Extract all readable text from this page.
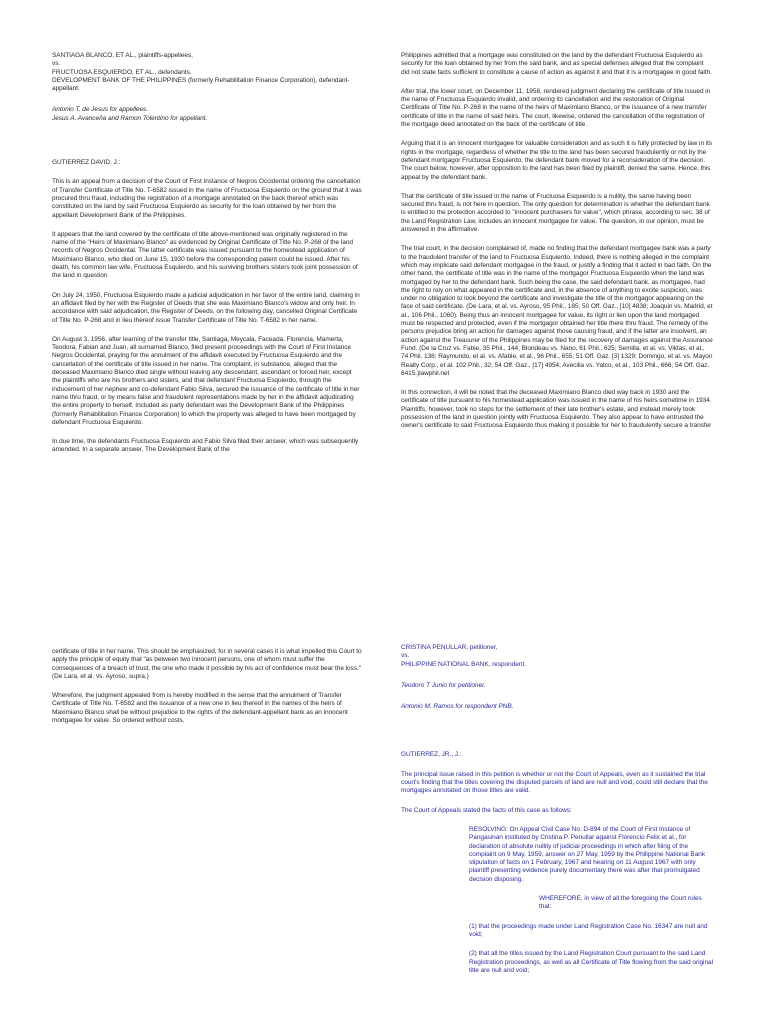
SANTIAGA BLANCO, ET AL., plaintiffs-appellees,

vs.

FRUCTUOSA ESQUIERDO, ET AL., defendants.

DEVELOPMENT BANK OF THE PHILIPPINES (formerly Rehabilitation Finance Corporation), defendant-appellant.

Antonio T. de Jesus for appellees.

Jesus A. Avanceña and Ramon Tolentino for appellant.

GUTIERREZ DAVID, J.:

This is an appeal from a decision of the Court of First Instance of Negros Occidental ordering the cancellation of Transfer Certificate of Title No. T-6582 issued in the name of Fructuosa Esquierdo on the ground that it was procured thru fraud, including the registration of a mortgage annotated on the back thereof which was constituted on the land by said Fructuosa Esquierdo as security for the loan obtained by her from the appellant Development Bank of the Philippines.

It appears that the land covered by the certificate of title above-mentioned was originally registered in the name of the "Heirs of Maximiano Blanco" as evidenced by Original Certificate of Title No. P-268 of the land records of Negros Occidental. The latter certificate was issued pursuant to the homestead application of Maximiano Blanco, who died on June 15, 1930 before the corresponding patent could be issued. After his death, his common law wife, Fructuosa Esquierdo, and his surviving brothers sisters took joint possession of the land in question.

On July 24, 1950, Fructuosa Esquierdo made a judicial adjudication in her favor of the entire land, claiming in an affidavit filed by her with the Register of Deeds that she was Maximiano Blanco's widow and only heir. In accordance with said adjudication, the Register of Deeds, on the following day, cancelled Original Certificate of Title No. P-268 and in lieu thereof issue Transfer Certificate of Title No. T-6582 in her name.

On August 3, 1956, after learning of the transfer title, Santiaga, Meycala, Faceada, Florencia, Mamerta, Teodora, Fabian and Juan, all surnamed Blanco, filed present proceedings with the Court of First Instance Negros Occidental, praying for the annulment of the affidavit executed by Fructuosa Esquierdo and the cancellation of the certificate of title issued in her name. The complaint, in substance, alleged that the deceased Maximiano Blanco died single without leaving any descendant, ascendant or forced heir, except the plaintiffs who are his brothers and sisters, and that defendant Fructuosa Esquierdo, through the inducement of her nephew and co-defendant Fabio Silva, secured the issuance of the certificate of title in her name thru fraud, or by means false and fraudulent representations made by her in the affidavit adjudicating the entire property to herself. Included as party defendant was the Development Bank of the Philippines (formerly Rehabilitation Finance Corporation) to which the property was alleged to have been mortgaged by defendant Fructuosa Esquierdo.

In due time, the defendants Fructuosa Esquierdo and Fabio Silva filed their answer, which was subsequently amended. In a separate answer, The Development Bank of the

Philippines admitted that a mortgage was constituted on the land by the defendant Fructuosa Esquierdo as security for the loan obtained by her from the said bank, and as special defenses alleged that the complaint did not state facts sufficient to constitute a cause of action as against it and that it is a mortgagee in good faith.

After trial, the lower court, on December 11, 1958, rendered judgment declaring the certificate of title issued in the name of Fructuosa Esquierdo invalid, and ordering its cancellation and the restoration of Original Certificate of Title No. P-268 in the name of the heirs of Maximiano Blanco, or the issuance of a new transfer certificate of title in the name of said heirs. The court, likewise, ordered the cancellation of the registration of the mortgage deed annotated on the back of the certificate of title.

Arguing that it is an innocent mortgagee for valuable consideration and as such it is fully protected by law in its rights in the mortgage, regardless of whether the title to the land has been secured fraudulently or not by the defendant mortgagor Fructuosa Esquierdo, the defendant bank moved for a reconsideration of the decision. The court below, however, after opposition to the land has been filed by plaintiff, denied the same. Hence, this appeal by the defendant bank.

That the certificate of title issued in the name of Fructuosa Esquierdo is a nullity, the same having been secured thru fraud, is not here in question. The only question for determination is whether the defendant bank is entitled to the protection accorded to "innocent purchasers for value", which phrase, according to sec. 38 of the Land Registration Law, includes an innocent mortgagee for value. The question, in our opinion, must be answered in the affirmative.

The trial court, in the decision complained of, made no finding that the defendant mortgagee bank was a party to the fraudulent transfer of the land to Fructuosa Esquierdo. Indeed, there is nothing alleged in the complaint which may implicate said defendant mortgagee in the fraud, or justify a finding that it acted in bad faith. On the other hand, the certificate of title was in the name of the mortgagor Fructuosa Esquierdo when the land was mortgaged by her to the defendant bank. Such being the case, the said defendant bank, as mortgagee, had the right to rely on what appeared in the certificate and, in the absence of anything to excite suspicion, was under no obligation to look beyond the certificate and investigate the title of the mortgagor appearing on the face of said certificate. (De Lara, et al. vs. Ayroso, 95 Phil., 185; 50 Off. Gaz., [10] 4838; Joaquin vs. Madrid, et al., 106 Phil., 1060). Being thus an innocent mortgagee for value, its right or lien upon the land mortgaged must be respected and protected, even if the mortgagor obtained her title there thru fraud. The remedy of the persons prejudice bring an action for damages against those causing fraud, and if the latter are insolvent, an action against the Treasurer of the Philippines may be filed for the recovery of damages against the Assurance Fund. (De la Cruz vs. Fabie, 35 Phil., 144; Blondeau vs. Nano, 61 Phil., 625; Semilla, et al. vs. Viktas, et al., 74 Phil. 138; Raymundo, et al. vs. Afable, et al., 96 Phil., 655; 51 Off. Gaz. [3] 1329; Domingo, et al. vs. Mayon Realty Corp., et al. 102 Phil., 32; 54 Off. Gaz., [17] 4954; Avecilla vs. Yatco, et al., 103 Phil., 666; 54 Off. Gaz. 6415.)lawphil.net

In this connection, it will be noted that the deceased Maximiano Blanco died way back in 1930 and the certificate of title pursuant to his homestead application was issued in the name of his heirs sometime in 1934. Plaintiffs, however, took no steps for the settlement of their late brother's estate, and instead merely took possession of the land in question jointly with Fructuosa Esquierdo. They also appear to have entrusted the owner's certificate to said Fructuosa Esquierdo thus making it possible for her to fraudulently secure a transfer

certificate of title in her name. This should be emphasized, for in several cases it is what impelled this Court to apply the principle of equity that "as between two innocent persons, one of whom must suffer the consequences of a breach of trust, the one who made it possible by his act of confidence must bear the loss." (De Lara, et al. vs. Ayroso, supra.)

Wherefore, the judgment appealed from is hereby modified in the sense that the annulment of Transfer Certificate of Title No. T-6582 and the issuance of a new one in lieu thereof in the names of the heirs of Maximiano Blanco shall be without prejudice to the rights of the defendant-appellant bank as an innocent mortgagee for value. So ordered without costs.

CRISTINA PENULLAR, petitioner,

vs.

PHILIPPINE NATIONAL BANK, respondent.

Teodoro T Junio for petitioner.

Antonio M. Ramos for respondent PNB.

GUTIERREZ, JR., J.:

The principal issue raised in this petition is whether or not the Court of Appeals, even as it sustained the trial court's finding that the titles covering the disputed parcels of land are null and void, could still declare that the mortgages annotated on those titles are valid.

The Court of Appeals stated the facts of this case as follows:

RESOLVING: On Appeal Civil Case No. D-894 of the Court of First Instance of Pangasinan instituted by Cristina P. Penullar against Florencio Felix et al., for declaration of absolute nullity of judicial proceedings in which after filing of the complaint on 9 May, 1959, answer on 27 May, 1959 by the Philippine National Bank stipulation of facts on 1 February, 1967 and hearing on 11 August 1967 with only plaintiff presenting evidence purely documentary there was after that promulgated decision disposing.

WHEREFORE, in view of all the foregoing the Court rules that:

(1) that the proceedings made under Land Registration Case No. 16347 are null and void;

(2) that all the titles issued by the Land Registration Court pursuant to the said Land Registration proceedings, as well as all Certificate of Title flowing from the said original title are null and void;
